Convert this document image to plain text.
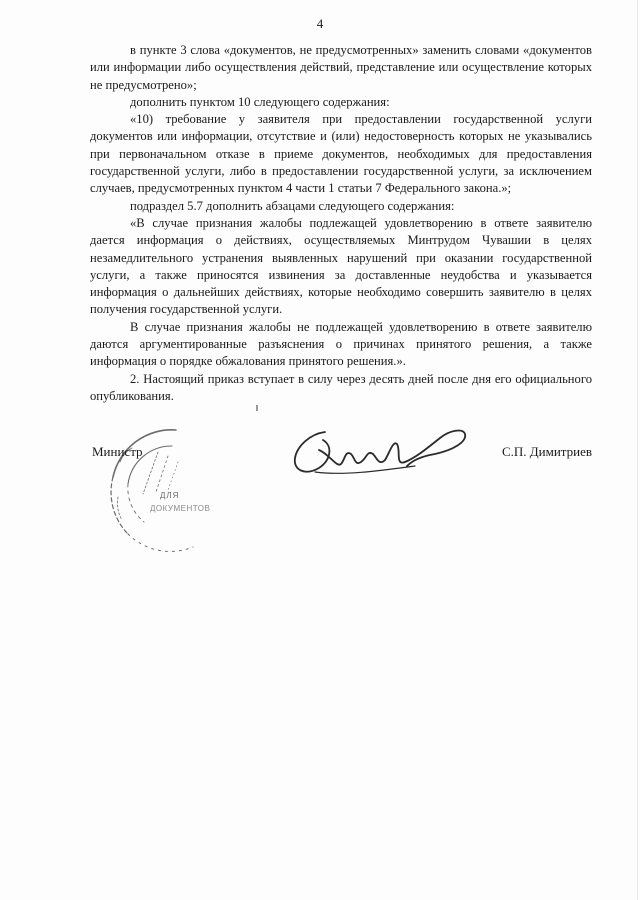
4

в пункте 3 слова «документов, не предусмотренных» заменить словами «документов или информации либо осуществления действий, представление или осуществление которых не предусмотрено»;

дополнить пунктом 10 следующего содержания:

«10) требование у заявителя при предоставлении государственной услуги документов или информации, отсутствие и (или) недостоверность которых не указывались при первоначальном отказе в приеме документов, необходимых для предоставления государственной услуги, либо в предоставлении государственной услуги, за исключением случаев, предусмотренных пунктом 4 части 1 статьи 7 Федерального закона.»;

подраздел 5.7 дополнить абзацами следующего содержания:

«В случае признания жалобы подлежащей удовлетворению в ответе заявителю дается информация о действиях, осуществляемых Минтрудом Чувашии в целях незамедлительного устранения выявленных нарушений при оказании государственной услуги, а также приносятся извинения за доставленные неудобства и указывается информация о дальнейших действиях, которые необходимо совершить заявителю в целях получения государственной услуги.

В случае признания жалобы не подлежащей удовлетворению в ответе заявителю даются аргументированные разъяснения о причинах принятого решения, а также информация о порядке обжалования принятого решения.».

2. Настоящий приказ вступает в силу через десять дней после дня его официального опубликования.

ДЛЯ
ДОКУМЕНТОВ
Министр	С.П. Димитриев
